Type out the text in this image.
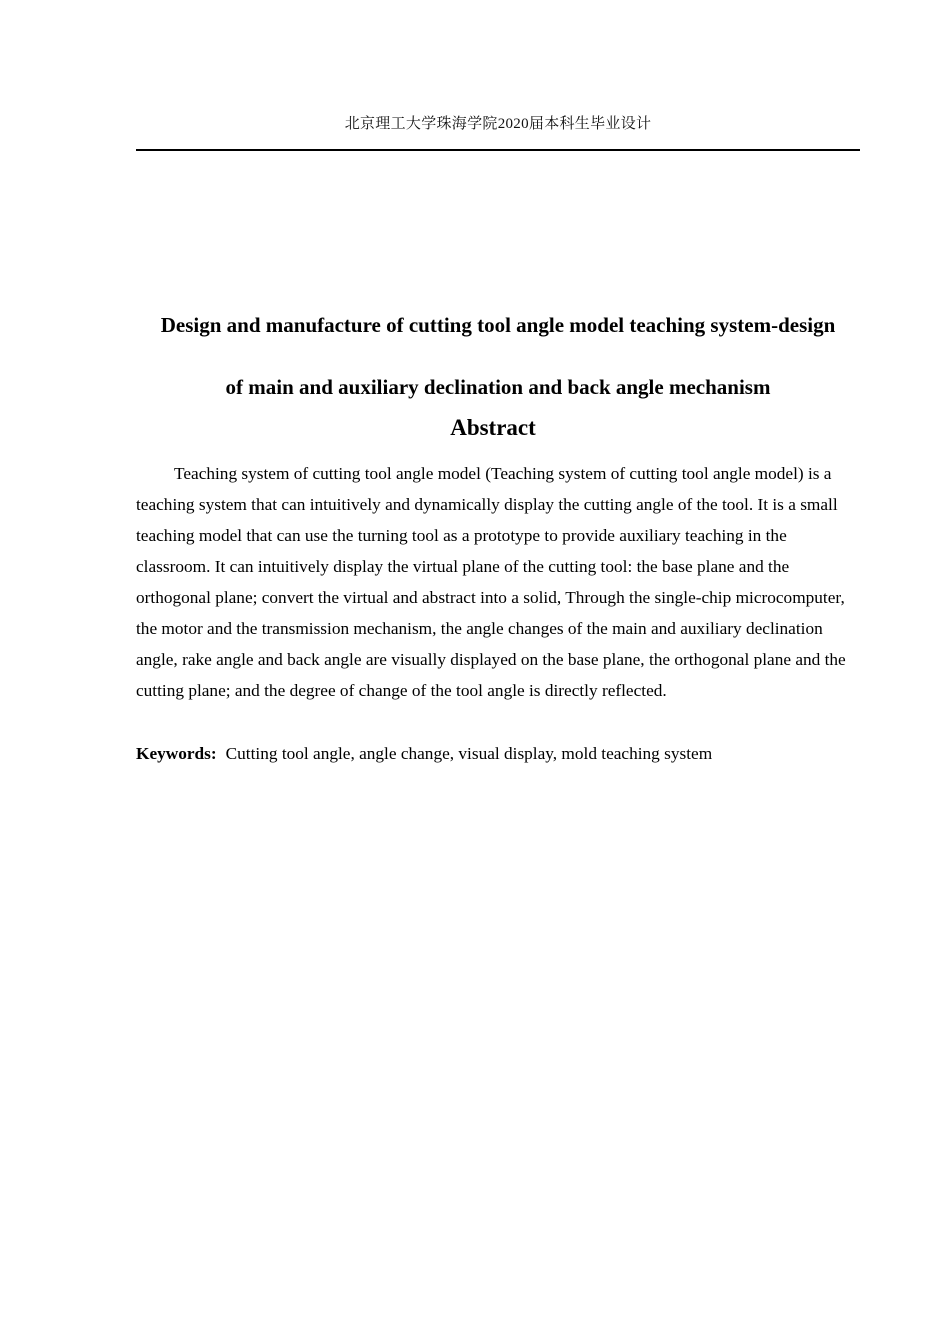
北京理工大学珠海学院2020届本科生毕业设计
Design and manufacture of cutting tool angle model teaching system-design
of main and auxiliary declination and back angle mechanism
Abstract

Teaching system of cutting tool angle model (Teaching system of cutting tool angle model) is a teaching system that can intuitively and dynamically display the cutting angle of the tool. It is a small teaching model that can use the turning tool as a prototype to provide auxiliary teaching in the classroom. It can intuitively display the virtual plane of the cutting tool: the base plane and the orthogonal plane; convert the virtual and abstract into a solid, Through the single-chip microcomputer, the motor and the transmission mechanism, the angle changes of the main and auxiliary declination angle, rake angle and back angle are visually displayed on the base plane, the orthogonal plane and the cutting plane; and the degree of change of the tool angle is directly reflected.

Keywords: Cutting tool angle, angle change, visual display, mold teaching system
